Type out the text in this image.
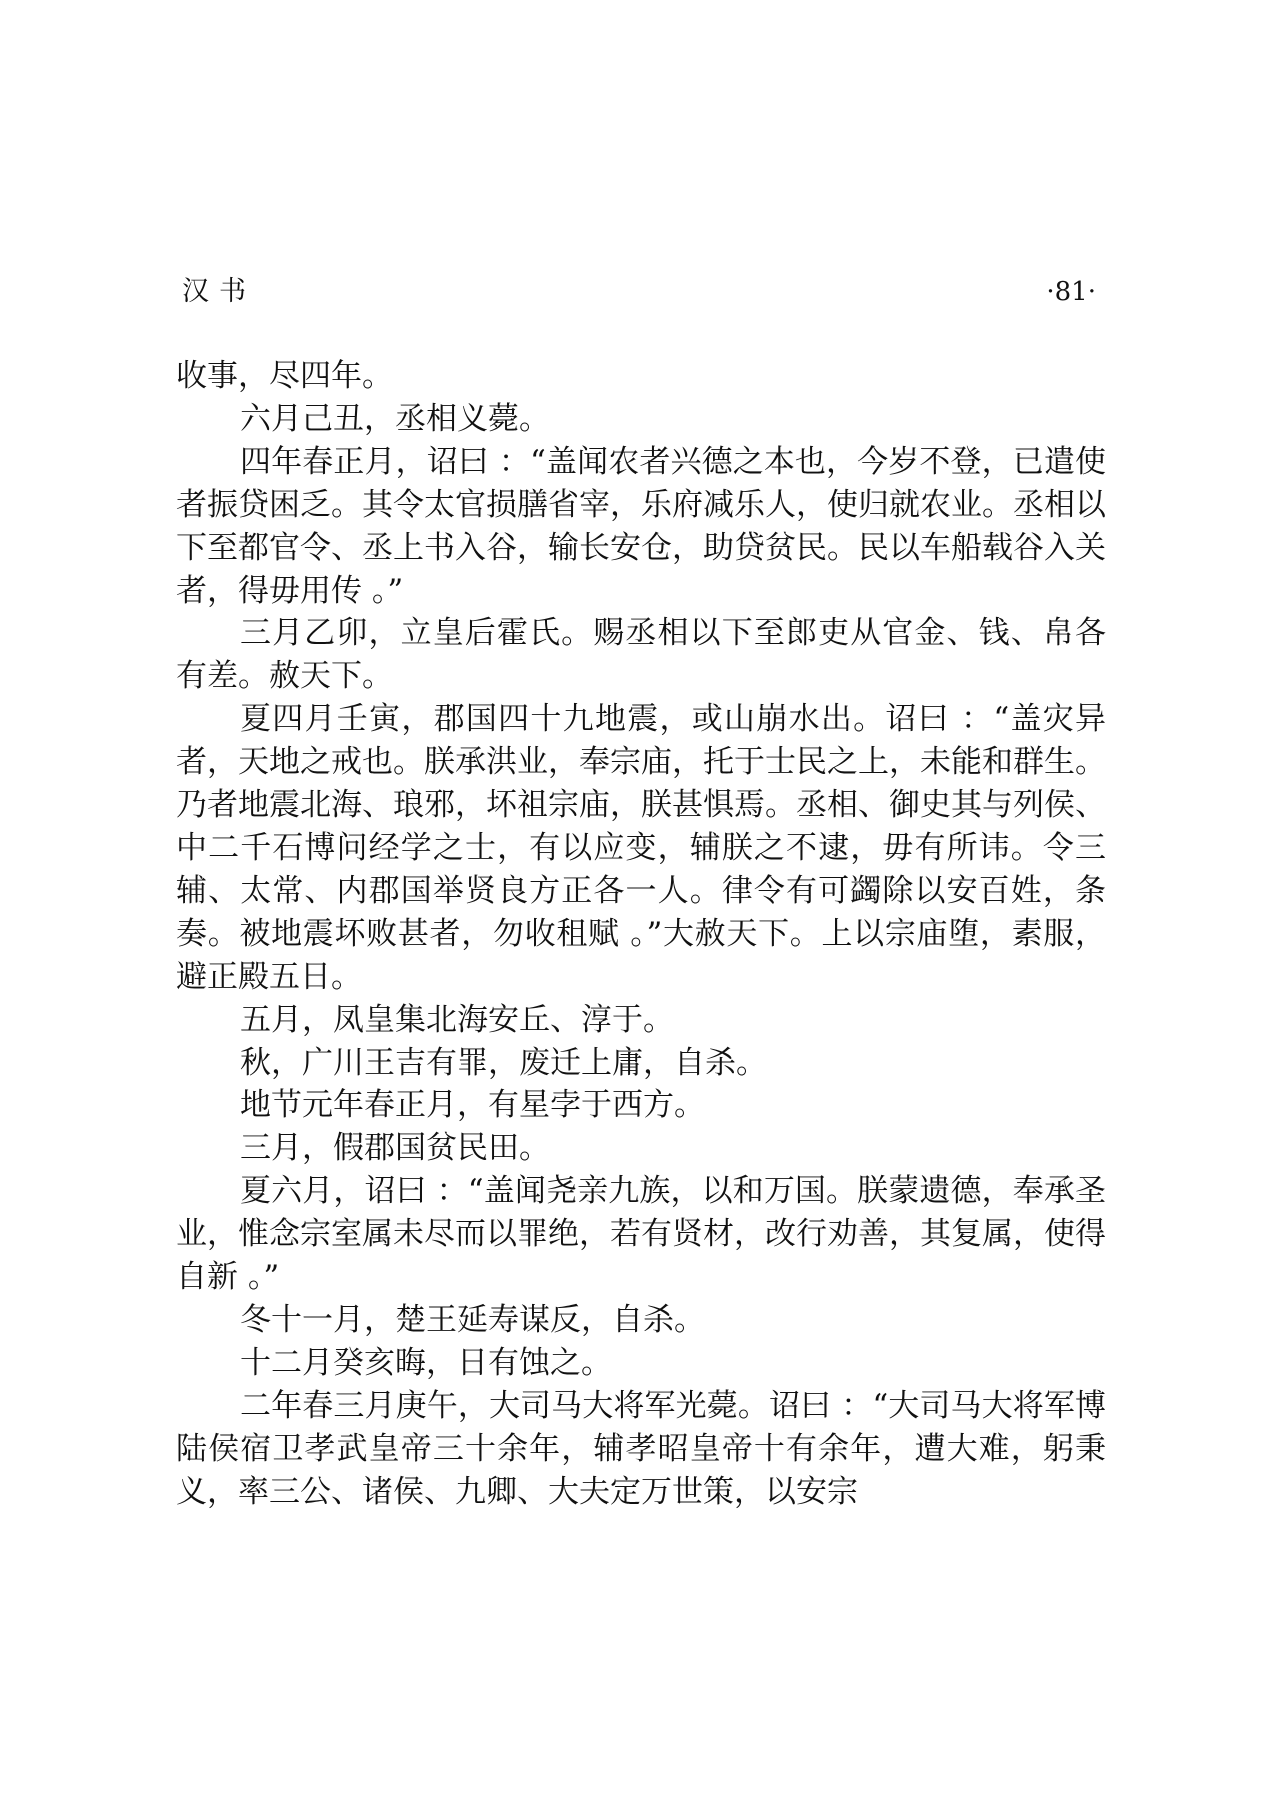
汉书	·81·

收事，尽四年。

六月己丑，丞相义薨。

四年春正月，诏曰 ：“盖闻农者兴德之本也，今岁不登，已遣使者振贷困乏。其令太官损膳省宰，乐府减乐人，使归就农业。丞相以下至都官令、丞上书入谷，输长安仓，助贷贫民。民以车船载谷入关者，得毋用传 。”

三月乙卯，立皇后霍氏。赐丞相以下至郎吏从官金、钱、帛各有差。赦天下。

夏四月壬寅，郡国四十九地震，或山崩水出。诏曰 ：“盖灾异者，天地之戒也。朕承洪业，奉宗庙，托于士民之上，未能和群生。乃者地震北海、琅邪，坏祖宗庙，朕甚惧焉。丞相、御史其与列侯、中二千石博问经学之士，有以应变，辅朕之不逮，毋有所讳。令三辅、太常、内郡国举贤良方正各一人。律令有可蠲除以安百姓，条奏。被地震坏败甚者，勿收租赋 。”大赦天下。上以宗庙堕，素服，避正殿五日。

五月，凤皇集北海安丘、淳于。

秋，广川王吉有罪，废迁上庸，自杀。

地节元年春正月，有星孛于西方。

三月，假郡国贫民田。

夏六月，诏曰 ：“盖闻尧亲九族，以和万国。朕蒙遗德，奉承圣业，惟念宗室属未尽而以罪绝，若有贤材，改行劝善，其复属，使得自新 。”

冬十一月，楚王延寿谋反，自杀。

十二月癸亥晦，日有蚀之。

二年春三月庚午，大司马大将军光薨。诏曰 ：“大司马大将军博陆侯宿卫孝武皇帝三十余年，辅孝昭皇帝十有余年，遭大难，躬秉义，率三公、诸侯、九卿、大夫定万世策，以安宗
